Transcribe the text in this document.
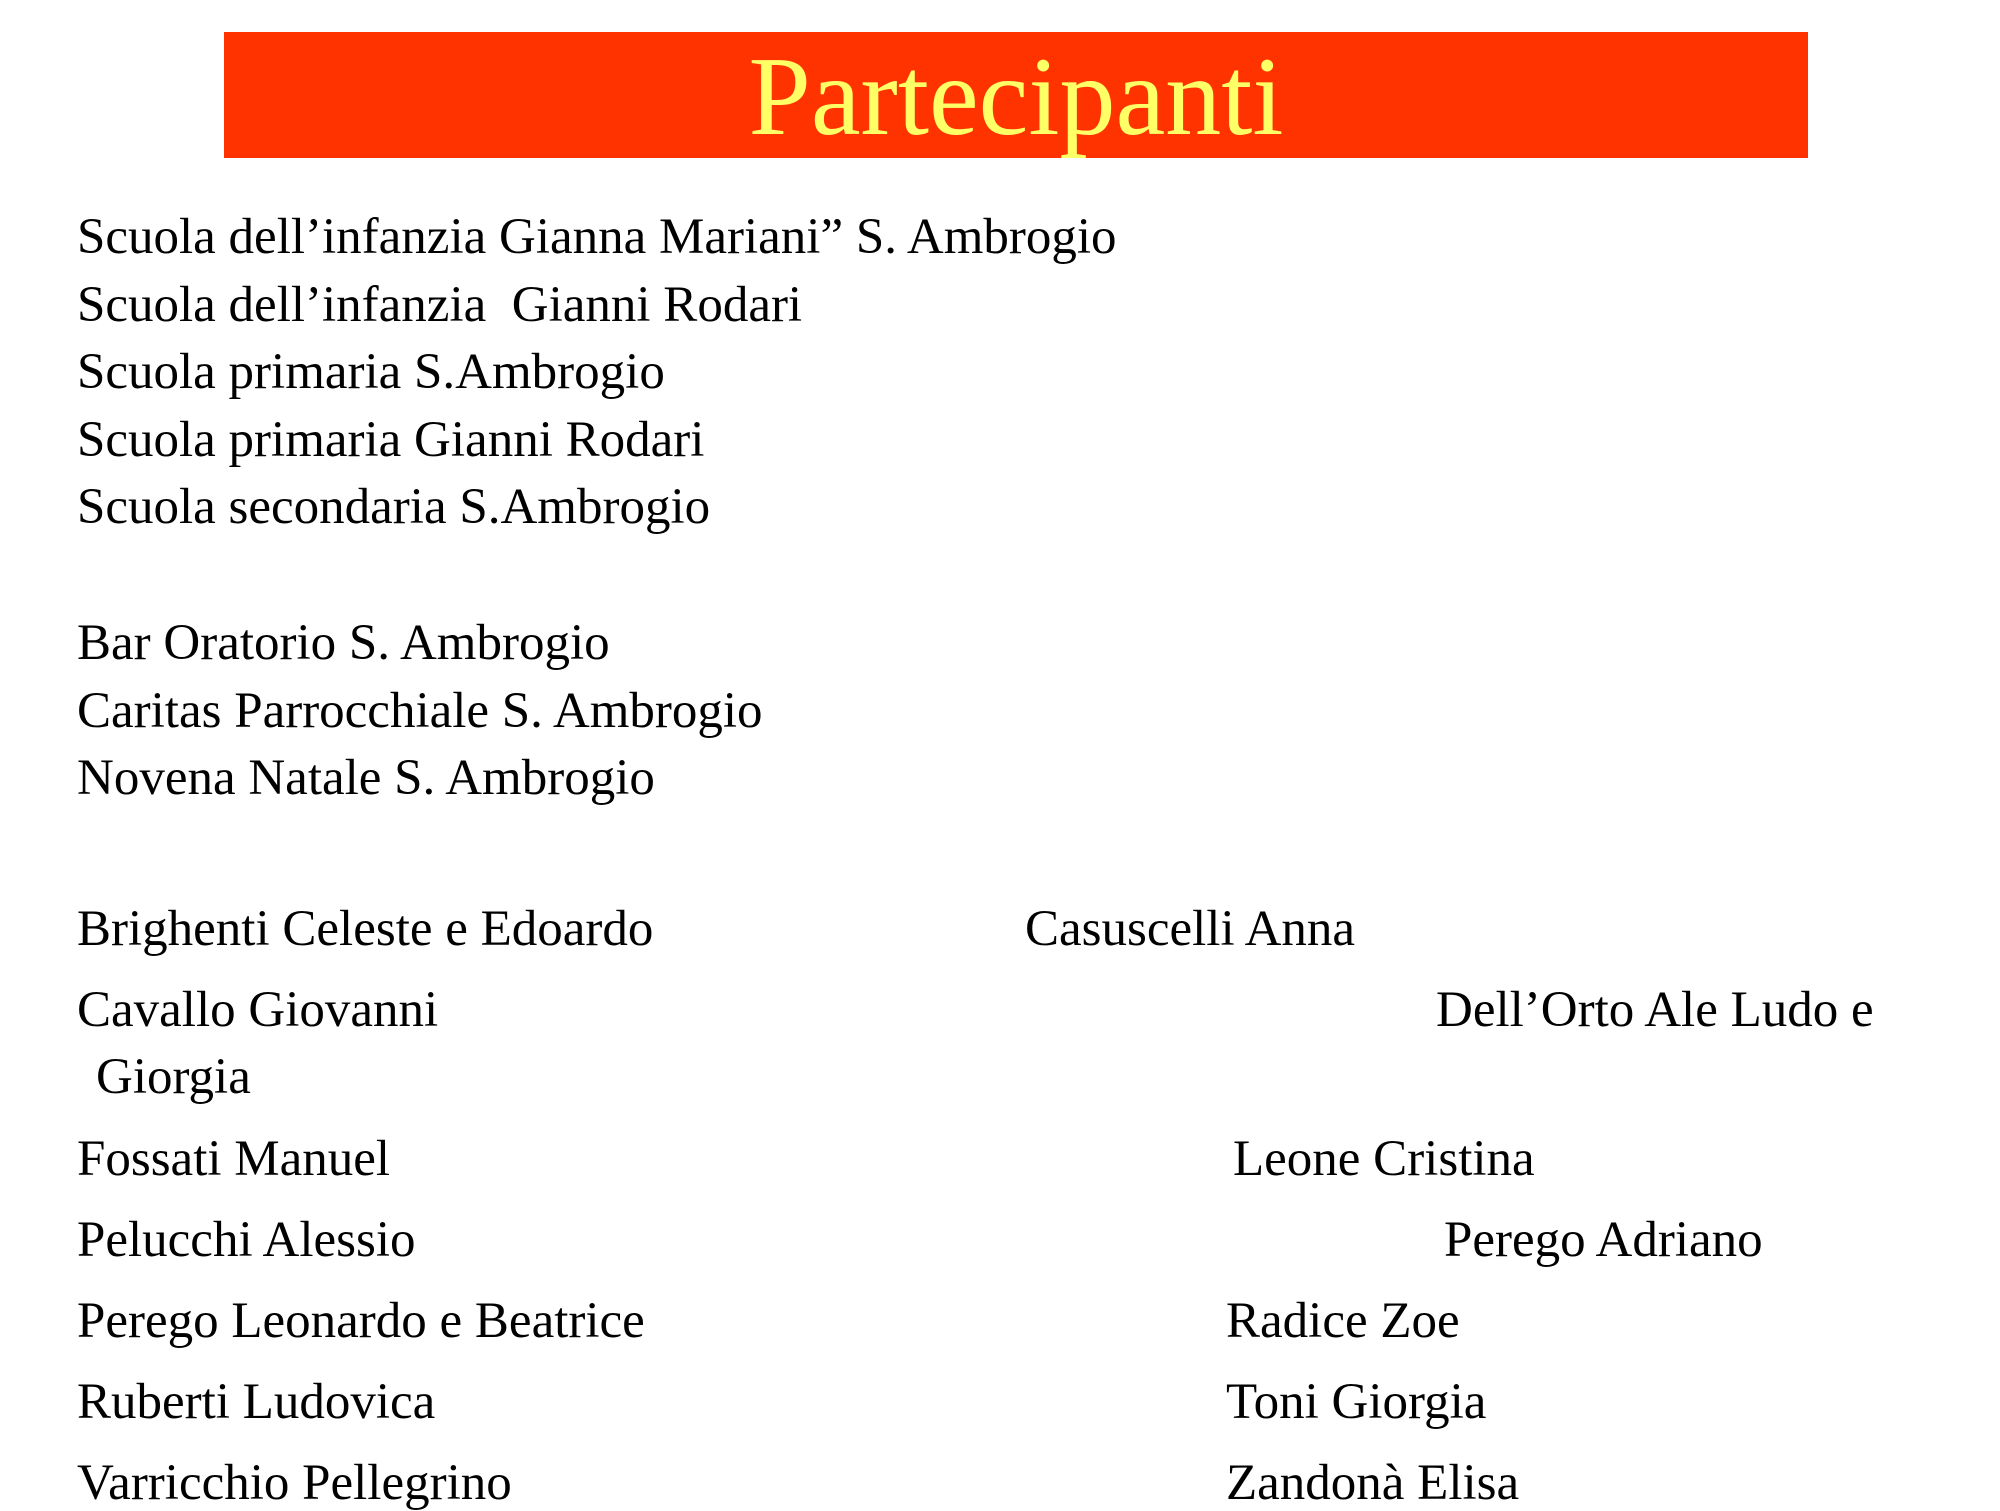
Partecipanti
Scuola dell’infanzia Gianna Mariani” S. Ambrogio
Scuola dell’infanzia  Gianni Rodari
Scuola primaria S.Ambrogio
Scuola primaria Gianni Rodari
Scuola secondaria S.Ambrogio
Bar Oratorio S. Ambrogio
Caritas Parrocchiale S. Ambrogio
Novena Natale S. Ambrogio
Brighenti Celeste e Edoardo
Cavallo Giovanni
Giorgia
Fossati Manuel
Pelucchi Alessio
Perego Leonardo e Beatrice
Ruberti Ludovica
Varricchio Pellegrino
Casuscelli Anna
Dell’Orto Ale Ludo e
Leone Cristina
Perego Adriano
Radice Zoe
Toni Giorgia
Zandonà Elisa
